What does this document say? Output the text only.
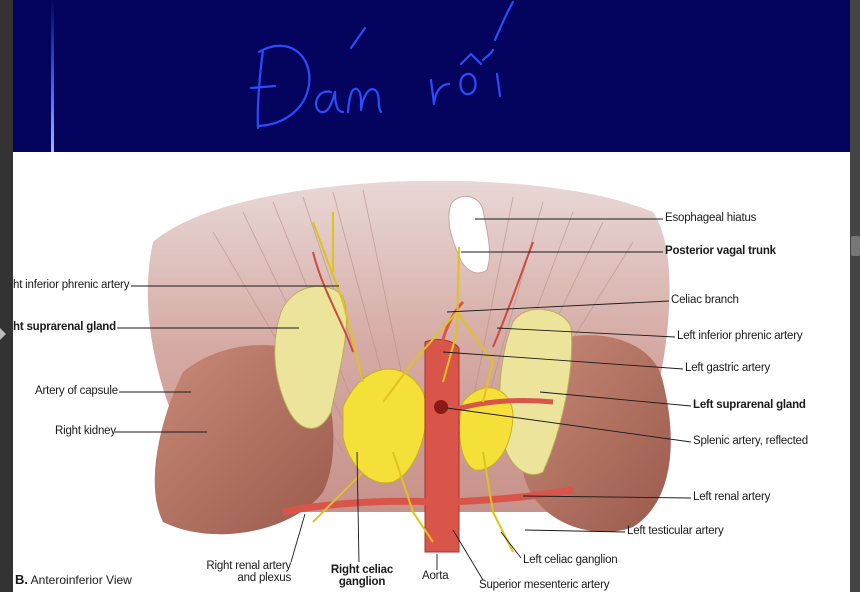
E.B.
Esophageal hiatus
Posterior vagal trunk
Celiac branch
Left inferior phrenic artery
Left gastric artery
Left suprarenal gland
Splenic artery, reflected
Left renal artery
Left testicular artery
Left celiac ganglion
Superior mesenteric artery
Aorta
Right celiac
ganglion
Right renal artery
and plexus
Right kidney
Artery of capsule
ht suprarenal gland
ht inferior phrenic artery
B. Anteroinferior View
